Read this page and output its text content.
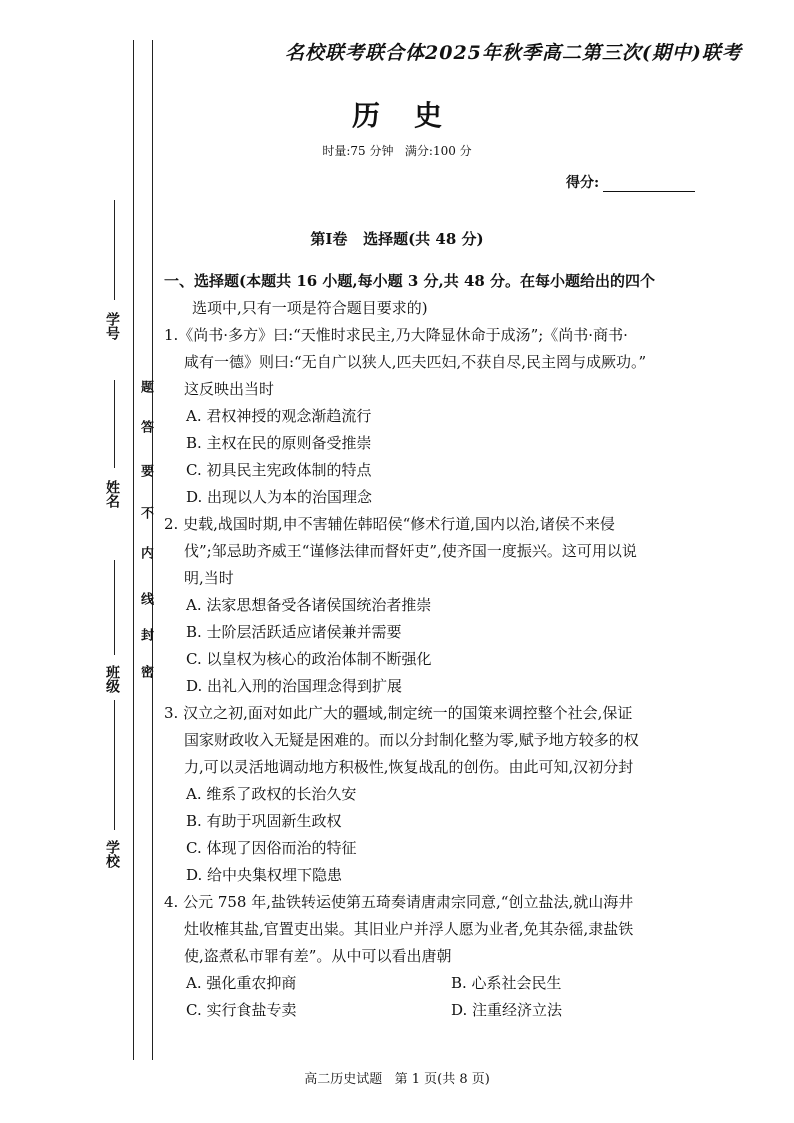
名校联考联合体2025年秋季高二第三次(期中)联考
历史
时量:75 分钟   满分:100 分
得分:
第Ⅰ卷   选择题(共 48 分)
学号
姓名
班级
学校
密
封
线
内
不
要
答
题
一、选择题(本题共 16 小题,每小题 3 分,共 48 分。在每小题给出的四个
选项中,只有一项是符合题目要求的)
1.《尚书·多方》曰:“天惟时求民主,乃大降显休命于成汤”;《尚书·商书·
咸有一德》则曰:“无自广以狭人,匹夫匹妇,不获自尽,民主罔与成厥功。”
这反映出当时
A. 君权神授的观念渐趋流行
B. 主权在民的原则备受推崇
C. 初具民主宪政体制的特点
D. 出现以人为本的治国理念
2. 史载,战国时期,申不害辅佐韩昭侯“修术行道,国内以治,诸侯不来侵
伐”;邹忌助齐威王“谨修法律而督奸吏”,使齐国一度振兴。这可用以说
明,当时
A. 法家思想备受各诸侯国统治者推崇
B. 士阶层活跃适应诸侯兼并需要
C. 以皇权为核心的政治体制不断强化
D. 出礼入刑的治国理念得到扩展
3. 汉立之初,面对如此广大的疆域,制定统一的国策来调控整个社会,保证
国家财政收入无疑是困难的。而以分封制化整为零,赋予地方较多的权
力,可以灵活地调动地方积极性,恢复战乱的创伤。由此可知,汉初分封
A. 维系了政权的长治久安
B. 有助于巩固新生政权
C. 体现了因俗而治的特征
D. 给中央集权埋下隐患
4. 公元 758 年,盐铁转运使第五琦奏请唐肃宗同意,“创立盐法,就山海井
灶收榷其盐,官置吏出粜。其旧业户并浮人愿为业者,免其杂徭,隶盐铁
使,盗煮私市罪有差”。从中可以看出唐朝
A. 强化重农抑商	B. 心系社会民生
C. 实行食盐专卖	D. 注重经济立法
高二历史试题   第 1 页(共 8 页)
